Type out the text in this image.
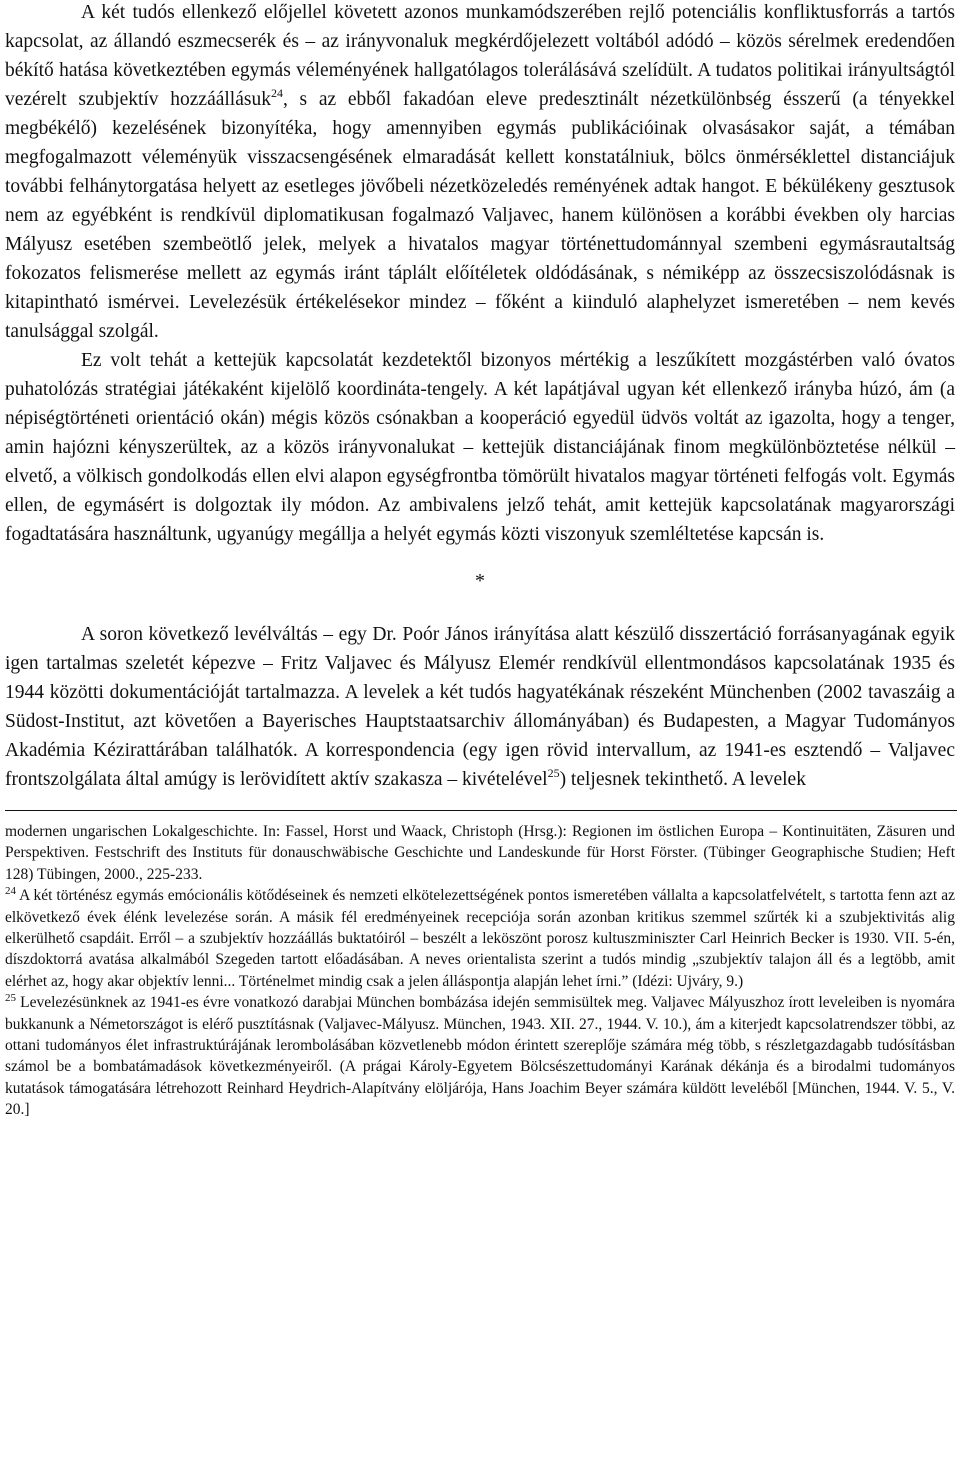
A két tudós ellenkező előjellel követett azonos munkamódszerében rejlő potenciális konfliktusforrás a tartós kapcsolat, az állandó eszmecserék és – az irányvonaluk megkérdőjelezett voltából adódó – közös sérelmek eredendően békítő hatása következtében egymás véleményének hallgatólagos tolerálásává szelídült. A tudatos politikai irányultságtól vezérelt szubjektív hozzáállásuk$^{24}$, s az ebből fakadóan eleve predesztinált nézetkülönbség ésszerű (a tényekkel megbékélő) kezelésének bizonyítéka, hogy amennyiben egymás publikációinak olvasásakor saját, a témában megfogalmazott véleményük visszacsengésének elmaradását kellett konstatálniuk, bölcs önmérséklettel distanciájuk további felhánytorgatása helyett az esetleges jövőbeli nézetközeledés reményének adtak hangot. E békülékeny gesztusok nem az egyébként is rendkívül diplomatikusan fogalmazó Valjavec, hanem különösen a korábbi években oly harcias Mályusz esetében szembeötlő jelek, melyek a hivatalos magyar történettudománnyal szembeni egymásrautaltság fokozatos felismerése mellett az egymás iránt táplált előítéletek oldódásának, s némiképp az összecsiszolódásnak is kitapintható ismérvei. Levelezésük értékelésekor mindez – főként a kiinduló alaphelyzet ismeretében – nem kevés tanulsággal szolgál.

Ez volt tehát a kettejük kapcsolatát kezdetektől bizonyos mértékig a leszűkített mozgástérben való óvatos puhatolózás stratégiai játékaként kijelölő koordináta-tengely. A két lapátjával ugyan két ellenkező irányba húzó, ám (a népiségtörténeti orientáció okán) mégis közös csónakban a kooperáció egyedül üdvös voltát az igazolta, hogy a tenger, amin hajózni kényszerültek, az a közös irányvonalukat – kettejük distanciájának finom megkülönböztetése nélkül – elvető, a völkisch gondolkodás ellen elvi alapon egységfrontba tömörült hivatalos magyar történeti felfogás volt. Egymás ellen, de egymásért is dolgoztak ily módon. Az ambivalens jelző tehát, amit kettejük kapcsolatának magyarországi fogadtatására használtunk, ugyanúgy megállja a helyét egymás közti viszonyuk szemléltetése kapcsán is.

*

A soron következő levélváltás – egy Dr. Poór János irányítása alatt készülő disszertáció forrásanyagának egyik igen tartalmas szeletét képezve – Fritz Valjavec és Mályusz Elemér rendkívül ellentmondásos kapcsolatának 1935 és 1944 közötti dokumentációját tartalmazza. A levelek a két tudós hagyatékának részeként Münchenben (2002 tavaszáig a Südost-Institut, azt követően a Bayerisches Hauptstaatsarchiv állományában) és Budapesten, a Magyar Tudományos Akadémia Kézirattárában találhatók. A korrespondencia (egy igen rövid intervallum, az 1941-es esztendő – Valjavec frontszolgálata által amúgy is lerövidített aktív szakasza – kivételével$^{25}$) teljesnek tekinthető. A levelek

modernen ungarischen Lokalgeschichte. In: Fassel, Horst und Waack, Christoph (Hrsg.): Regionen im östlichen Europa – Kontinuitäten, Zäsuren und Perspektiven. Festschrift des Instituts für donauschwäbische Geschichte und Landeskunde für Horst Förster. (Tübinger Geographische Studien; Heft 128) Tübingen, 2000., 225-233.

$^{24}$ A két történész egymás emócionális kötődéseinek és nemzeti elkötelezettségének pontos ismeretében vállalta a kapcsolatfelvételt, s tartotta fenn azt az elkövetkező évek élénk levelezése során. A másik fél eredményeinek recepciója során azonban kritikus szemmel szűrték ki a szubjektivitás alig elkerülhető csapdáit. Erről – a szubjektív hozzáállás buktatóiról – beszélt a leköszönt porosz kultuszminiszter Carl Heinrich Becker is 1930. VII. 5-én, díszdoktorrá avatása alkalmából Szegeden tartott előadásában. A neves orientalista szerint a tudós mindig „szubjektív talajon áll és a legtöbb, amit elérhet az, hogy akar objektív lenni... Történelmet mindig csak a jelen álláspontja alapján lehet írni.” (Idézi: Ujváry, 9.)

$^{25}$ Levelezésünknek az 1941-es évre vonatkozó darabjai München bombázása idején semmisültek meg. Valjavec Mályuszhoz írott leveleiben is nyomára bukkanunk a Németországot is elérő pusztításnak (Valjavec-Mályusz. München, 1943. XII. 27., 1944. V. 10.), ám a kiterjedt kapcsolatrendszer többi, az ottani tudományos élet infrastruktúrájának lerombolásában közvetlenebb módon érintett szereplője számára még több, s részletgazdagabb tudósításban számol be a bombatámadások következményeiről. (A prágai Károly-Egyetem Bölcsészettudományi Karának dékánja és a birodalmi tudományos kutatások támogatására létrehozott Reinhard Heydrich-Alapítvány elöljárója, Hans Joachim Beyer számára küldött leveléből [München, 1944. V. 5., V. 20.]
